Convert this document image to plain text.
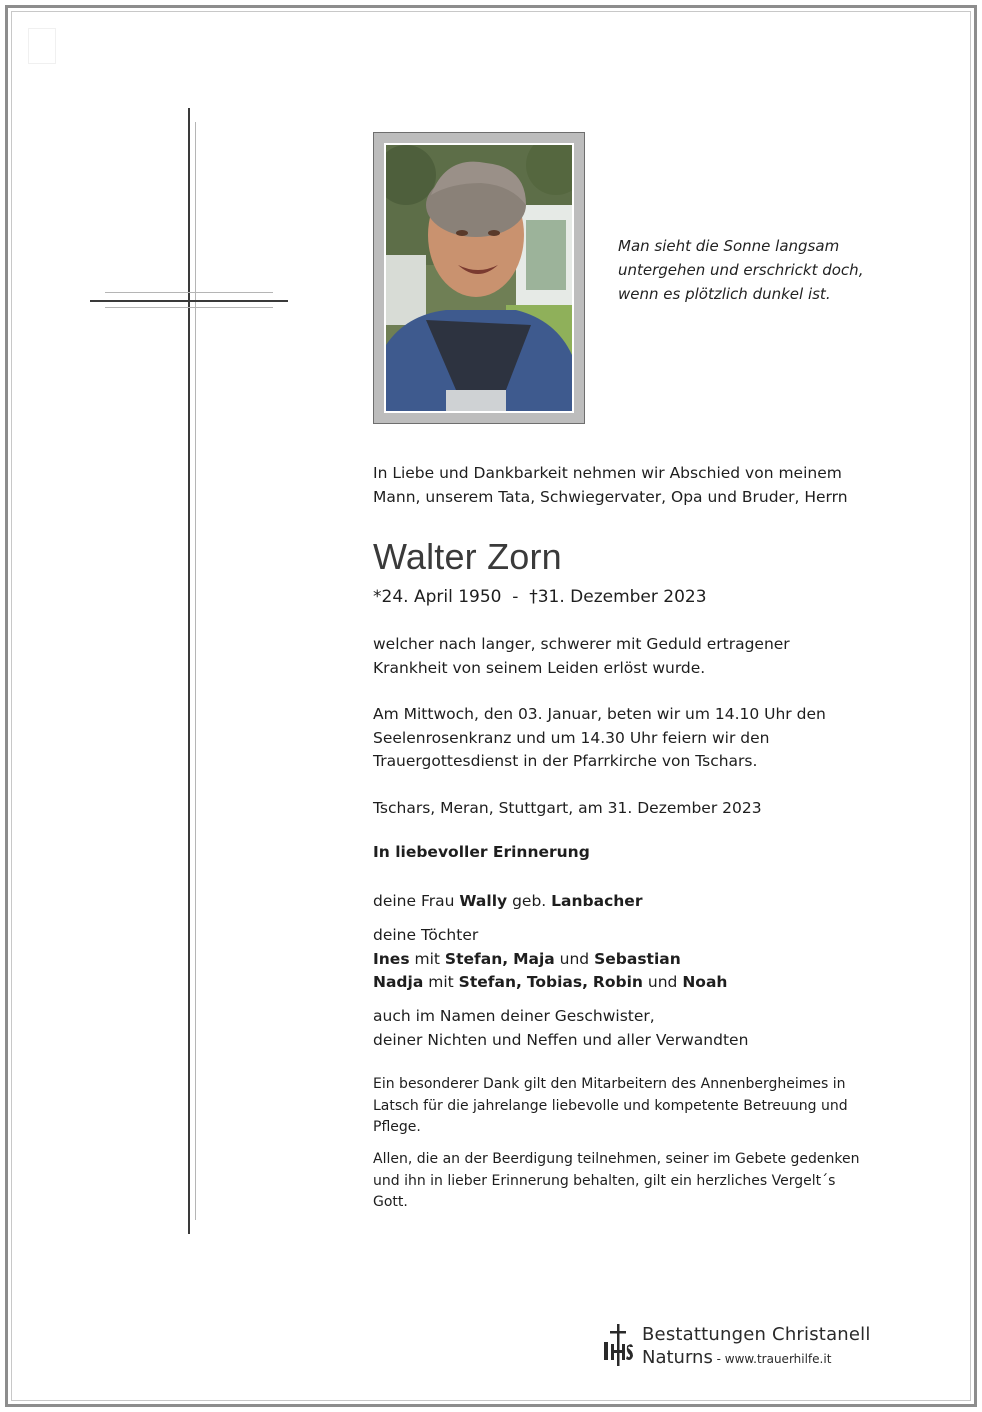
Man sieht die Sonne langsam
untergehen und erschrickt doch,
wenn es plötzlich dunkel ist.
In Liebe und Dankbarkeit nehmen wir Abschied von meinem
Mann, unserem Tata, Schwiegervater, Opa und Bruder, Herrn
Walter Zorn
*24. April 1950  -  †31. Dezember 2023
welcher nach langer, schwerer mit Geduld ertragener
Krankheit von seinem Leiden erlöst wurde.
Am Mittwoch, den 03. Januar, beten wir um 14.10 Uhr den
Seelenrosenkranz und um 14.30 Uhr feiern wir den
Trauergottesdienst in der Pfarrkirche von Tschars.
Tschars, Meran, Stuttgart, am 31. Dezember 2023
In liebevoller Erinnerung
deine Frau Wally geb. Lanbacher
deine Töchter
Ines mit Stefan, Maja und Sebastian
Nadja mit Stefan, Tobias, Robin und Noah
auch im Namen deiner Geschwister,
deiner Nichten und Neffen und aller Verwandten
Ein besonderer Dank gilt den Mitarbeitern des Annenbergheimes in
Latsch für die jahrelange liebevolle und kompetente Betreuung und
Pflege.
Allen, die an der Beerdigung teilnehmen, seiner im Gebete gedenken
und ihn in lieber Erinnerung behalten, gilt ein herzliches Vergelt´s
Gott.
Bestattungen Christanell
Naturns - www.trauerhilfe.it
